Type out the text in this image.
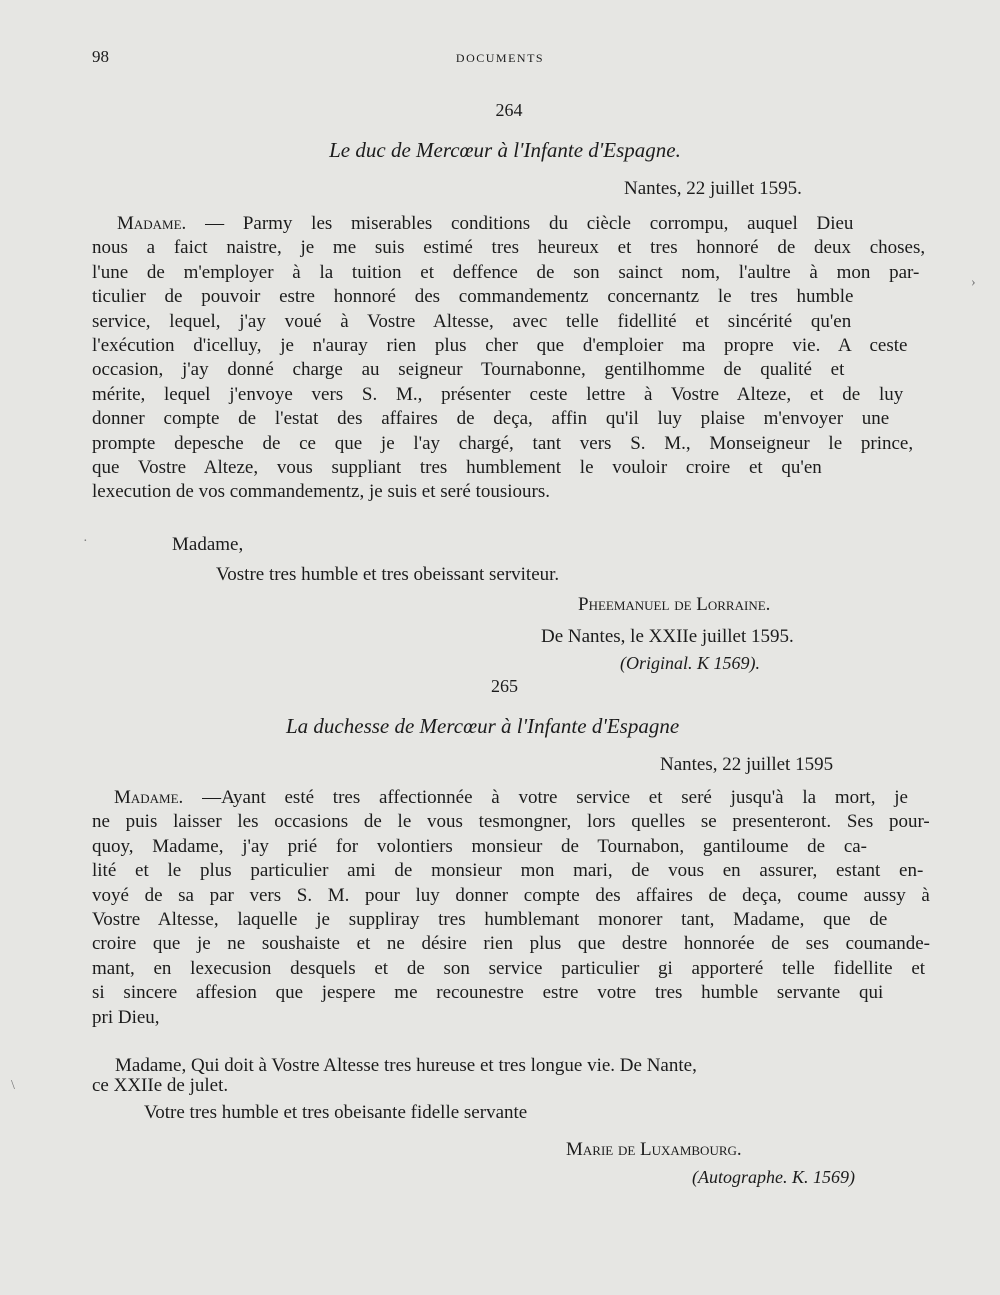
98	DOCUMENTS
264
Le duc de Mercœur à l'Infante d'Espagne.
Nantes, 22 juillet 1595.
Madame. — Parmy les miserables conditions du ciècle corrompu, auquel Dieu
nous a faict naistre, je me suis estimé tres heureux et tres honnoré de deux choses,
l'une de m'employer à la tuition et deffence de son sainct nom, l'aultre à mon par-
ticulier de pouvoir estre honnoré des commandementz concernantz le tres humble
service, lequel, j'ay voué à Vostre Altesse, avec telle fidellité et sincérité qu'en
l'exécution d'icelluy, je n'auray rien plus cher que d'emploier ma propre vie. A ceste
occasion, j'ay donné charge au seigneur Tournabonne, gentilhomme de qualité et
mérite, lequel j'envoye vers S. M., présenter ceste lettre à Vostre Alteze, et de luy
donner compte de l'estat des affaires de deça, affin qu'il luy plaise m'envoyer une
prompte depesche de ce que je l'ay chargé, tant vers S. M., Monseigneur le prince,
que Vostre Alteze, vous suppliant tres humblement le vouloir croire et qu'en
lexecution de vos commandementz, je suis et seré tousiours.
Madame,
Vostre tres humble et tres obeissant serviteur.
Pheemanuel de Lorraine.
De Nantes, le XXIIe juillet 1595.
(Original. K 1569).
265
La duchesse de Mercœur à l'Infante d'Espagne
Nantes, 22 juillet 1595
Madame. —Ayant esté tres affectionnée à votre service et seré jusqu'à la mort, je
ne puis laisser les occasions de le vous tesmongner, lors quelles se presenteront. Ses pour-
quoy, Madame, j'ay prié for volontiers monsieur de Tournabon, gantiloume de ca-
lité et le plus particulier ami de monsieur mon mari, de vous en assurer, estant en-
voyé de sa par vers S. M. pour luy donner compte des affaires de deça, coume aussy à
Vostre Altesse, laquelle je suppliray tres humblemant monorer tant, Madame, que de
croire que je ne soushaiste et ne désire rien plus que destre honnorée de ses coumande-
mant, en lexecusion desquels et de son service particulier gi apporteré telle fidellite et
si sincere affesion que jespere me recounestre estre votre tres humble servante qui
pri Dieu,
Madame, Qui doit à Vostre Altesse tres hureuse et tres longue vie. De Nante,
ce XXIIe de julet.
Votre tres humble et tres obeisante fidelle servante
Marie de Luxambourg.
(Autographe. K. 1569)
·
\
›
